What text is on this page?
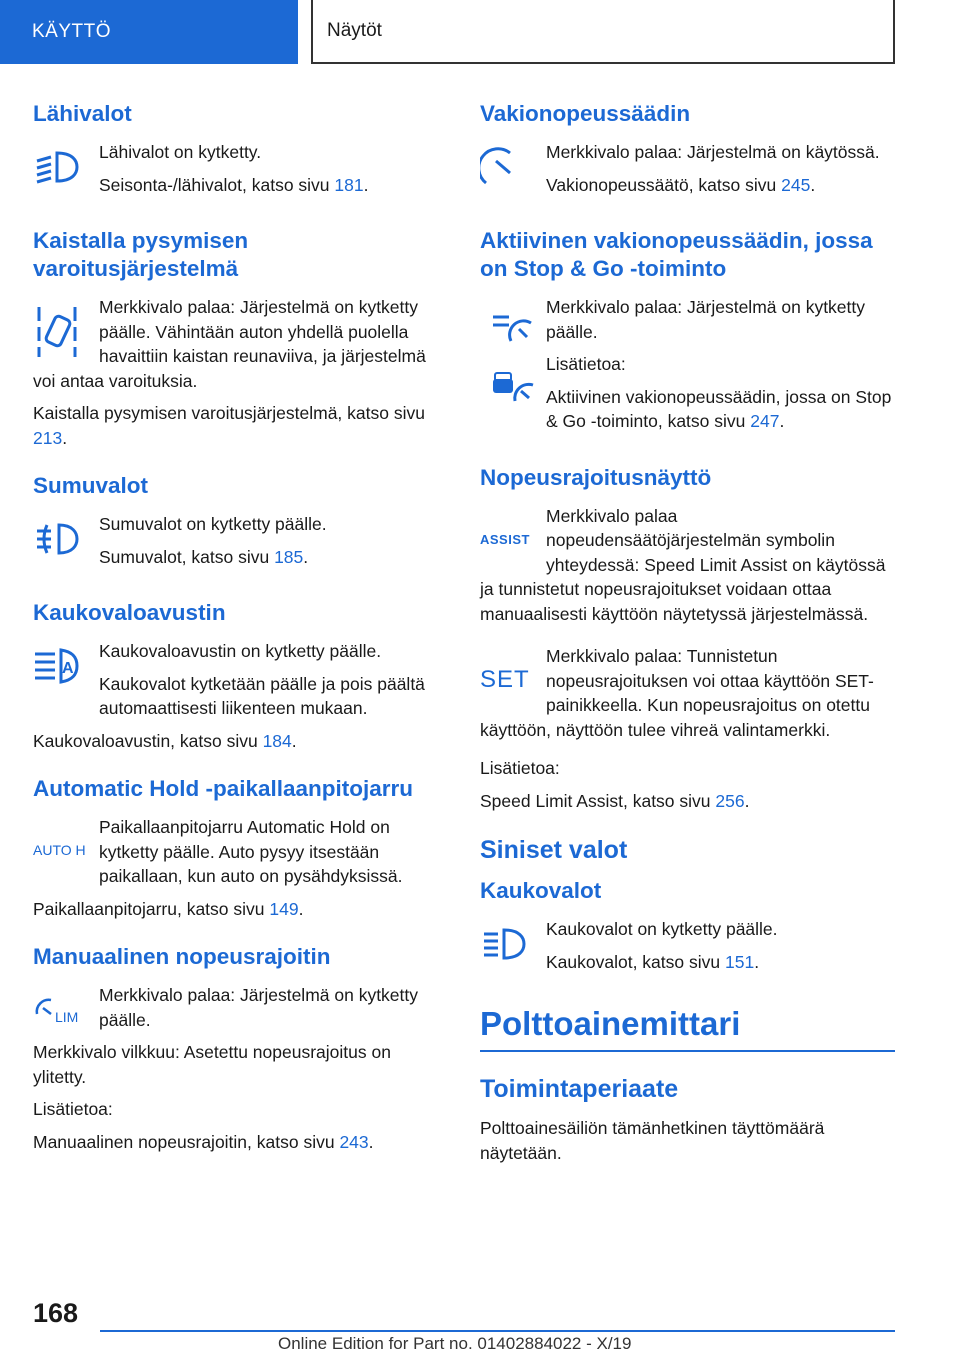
KÄYTTÖ	Näytöt
Lähivalot

Lähivalot on kytketty.

Seisonta-/lähivalot, katso sivu 181.

Kaistalla pysymisen varoitusjärjestelmä

Merkkivalo palaa: Järjestelmä on kytketty päälle. Vähintään auton yhdellä puolella havaittiin kaistan reunaviiva, ja järjestelmä voi antaa varoituksia.

Kaistalla pysymisen varoitusjärjestelmä, katso sivu 213.

Sumuvalot

Sumuvalot on kytketty päälle.

Sumuvalot, katso sivu 185.

Kaukovaloavustin
A

Kaukovaloavustin on kytketty päälle.

Kaukovalot kytketään päälle ja pois päältä automaattisesti liikenteen mukaan.

Kaukovaloavustin, katso sivu 184.

Automatic Hold -paikallaanpitojarru
AUTO H

Paikallaanpitojarru Automatic Hold on kytketty päälle. Auto pysyy itsestään paikallaan, kun auto on pysähdyksissä.

Paikallaanpitojarru, katso sivu 149.

Manuaalinen nopeusrajoitin
LIM

Merkkivalo palaa: Järjestelmä on kytketty päälle.

Merkkivalo vilkkuu: Asetettu nopeusrajoitus on ylitetty.

Lisätietoa:

Manuaalinen nopeusrajoitin, katso sivu 243.

Vakionopeussäädin

Merkkivalo palaa: Järjestelmä on käytössä.

Vakionopeussäätö, katso sivu 245.

Aktiivinen vakionopeussäädin, jossa on Stop & Go -toiminto

Merkkivalo palaa: Järjestelmä on kytketty päälle.

Lisätietoa:

Aktiivinen vakionopeussäädin, jossa on Stop & Go -toiminto, katso sivu 247.

Nopeusrajoitusnäyttö
ASSIST

Merkkivalo palaa nopeudensäätöjärjestelmän symbolin yhteydessä: Speed Limit Assist on käytössä ja tunnistetut nopeusrajoitukset voidaan ottaa manuaalisesti käyttöön näytetyssä järjestelmässä.

SET

Merkkivalo palaa: Tunnistetun nopeusrajoituksen voi ottaa käyttöön SET-painikkeella. Kun nopeusrajoitus on otettu käyttöön, näyttöön tulee vihreä valintamerkki.

Lisätietoa:

Speed Limit Assist, katso sivu 256.

Siniset valot
Kaukovalot

Kaukovalot on kytketty päälle.

Kaukovalot, katso sivu 151.

Polttoainemittari
Toimintaperiaate

Polttoainesäiliön tämänhetkinen täyttömäärä näytetään.

168
Online Edition for Part no. 01402884022 - X/19
